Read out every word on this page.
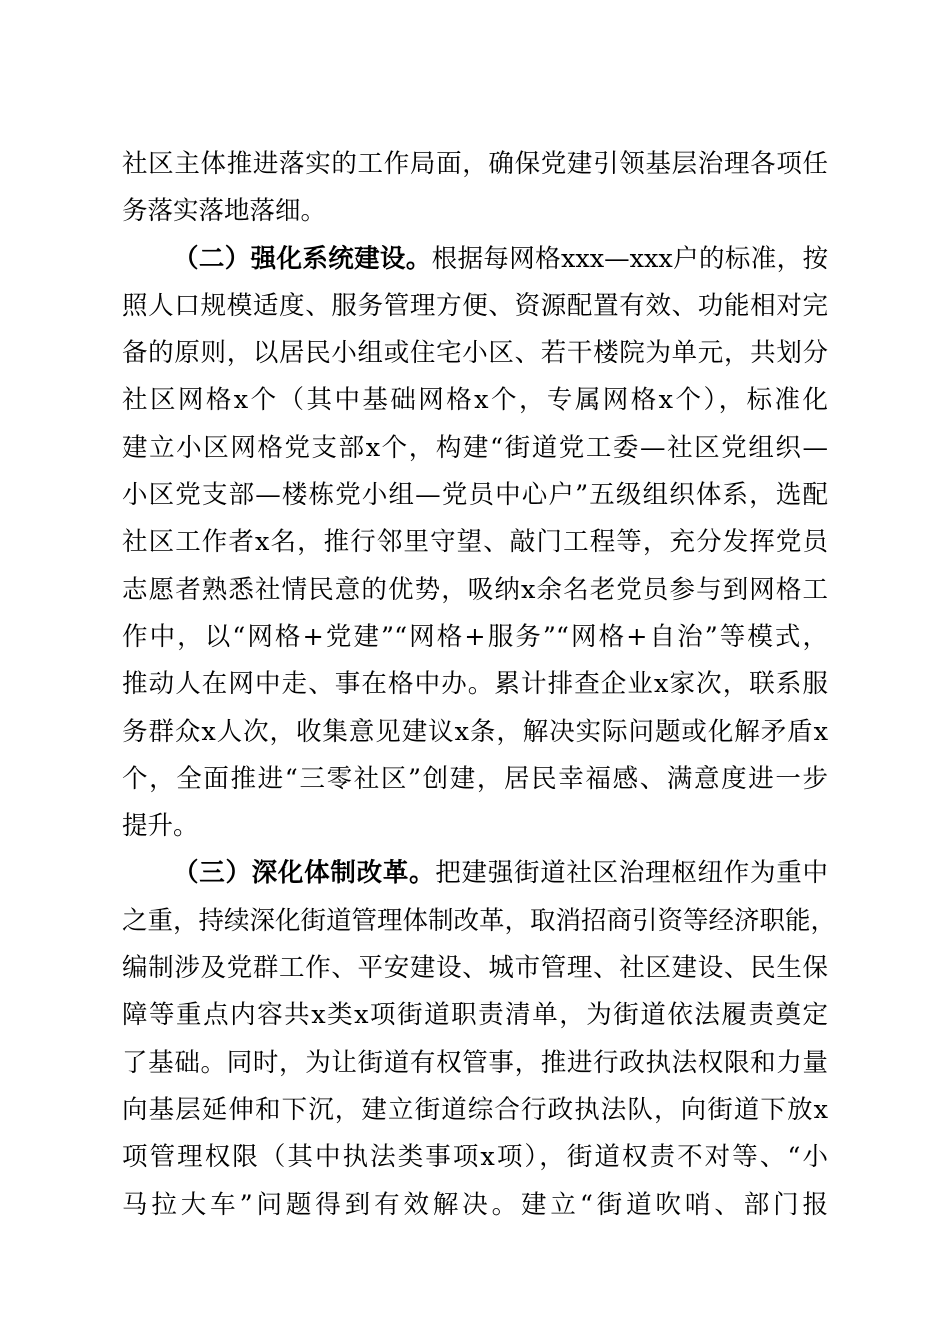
社区主体推进落实的工作局面，确保党建引领基层治理各项任
务落实落地落细。
（二）强化系统建设。根据每网格xxx—xxx户的标准，按
照人口规模适度、服务管理方便、资源配置有效、功能相对完
备的原则，以居民小组或住宅小区、若干楼院为单元，共划分
社区网格x个（其中基础网格x个，专属网格x个），标准化
建立小区网格党支部x个，构建“街道党工委—社区党组织—
小区党支部—楼栋党小组—党员中心户”五级组织体系，选配
社区工作者x名，推行邻里守望、敲门工程等，充分发挥党员
志愿者熟悉社情民意的优势，吸纳x余名老党员参与到网格工
作中，以“网格+党建”“网格+服务”“网格+自治”等模式，
推动人在网中走、事在格中办。累计排查企业x家次，联系服
务群众x人次，收集意见建议x条，解决实际问题或化解矛盾x
个，全面推进“三零社区”创建，居民幸福感、满意度进一步
提升。
（三）深化体制改革。把建强街道社区治理枢纽作为重中
之重，持续深化街道管理体制改革，取消招商引资等经济职能，
编制涉及党群工作、平安建设、城市管理、社区建设、民生保
障等重点内容共x类x项街道职责清单，为街道依法履责奠定
了基础。同时，为让街道有权管事，推进行政执法权限和力量
向基层延伸和下沉，建立街道综合行政执法队，向街道下放x
项管理权限（其中执法类事项x项），街道权责不对等、“小
马拉大车”问题得到有效解决。建立“街道吹哨、部门报
